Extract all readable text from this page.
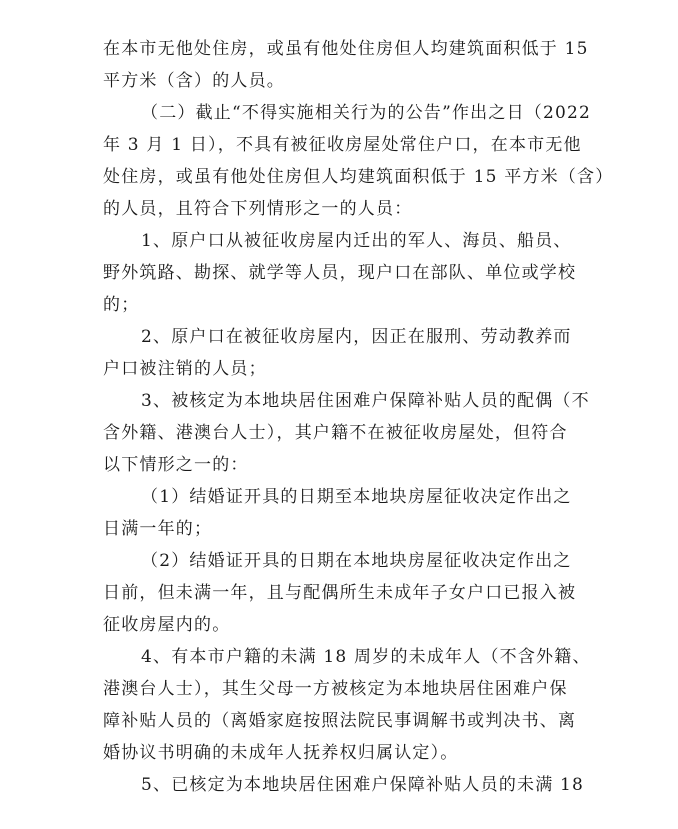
在本市无他处住房，或虽有他处住房但人均建筑面积低于 15
平方米（含）的人员。
（二）截止“不得实施相关行为的公告”作出之日（2022
年 3 月 1 日），不具有被征收房屋处常住户口，在本市无他
处住房，或虽有他处住房但人均建筑面积低于 15 平方米（含）
的人员，且符合下列情形之一的人员：
1、原户口从被征收房屋内迁出的军人、海员、船员、
野外筑路、勘探、就学等人员，现户口在部队、单位或学校
的；
2、原户口在被征收房屋内，因正在服刑、劳动教养而
户口被注销的人员；
3、被核定为本地块居住困难户保障补贴人员的配偶（不
含外籍、港澳台人士），其户籍不在被征收房屋处，但符合
以下情形之一的：
（1）结婚证开具的日期至本地块房屋征收决定作出之
日满一年的；
（2）结婚证开具的日期在本地块房屋征收决定作出之
日前，但未满一年，且与配偶所生未成年子女户口已报入被
征收房屋内的。
4、有本市户籍的未满 18 周岁的未成年人（不含外籍、
港澳台人士），其生父母一方被核定为本地块居住困难户保
障补贴人员的（离婚家庭按照法院民事调解书或判决书、离
婚协议书明确的未成年人抚养权归属认定）。
5、已核定为本地块居住困难户保障补贴人员的未满 18
